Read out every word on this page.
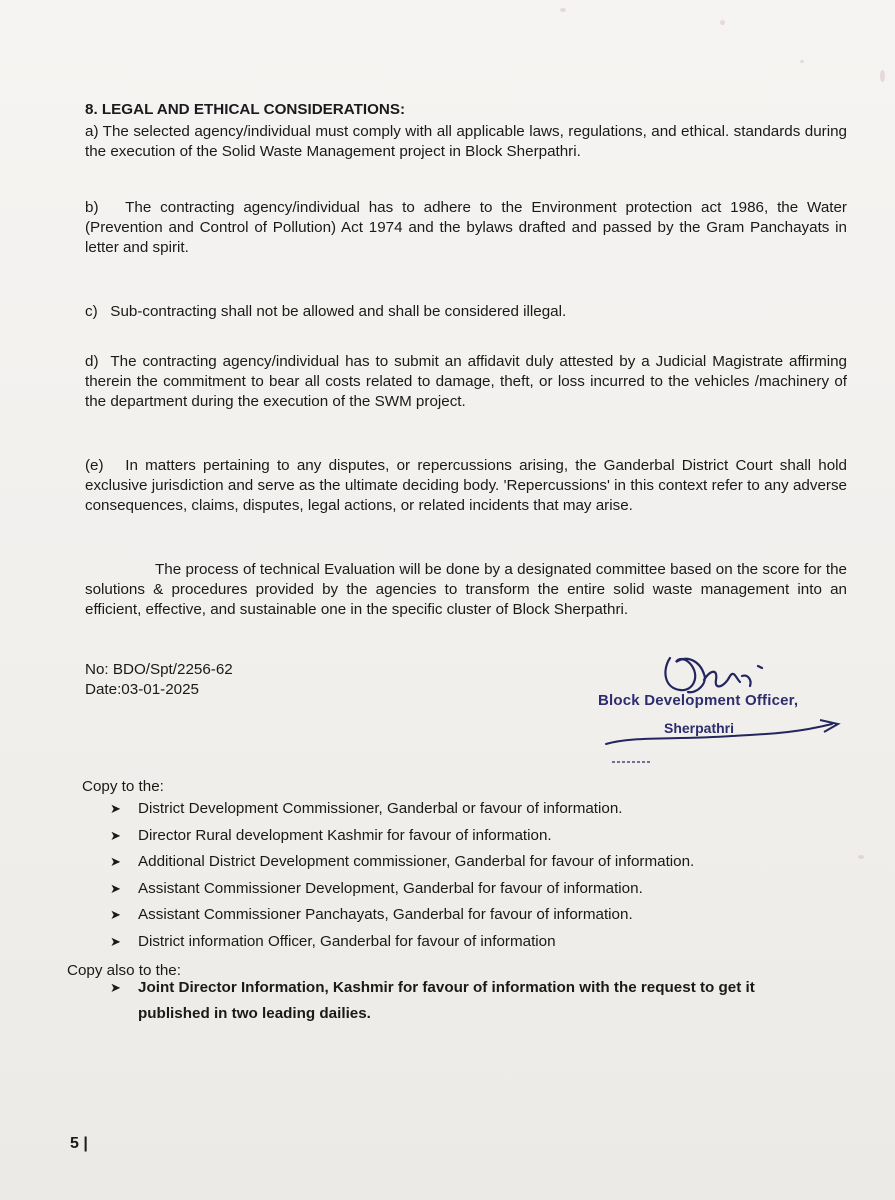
8. LEGAL AND ETHICAL CONSIDERATIONS:
a) The selected agency/individual must comply with all applicable laws, regulations, and ethical. standards during the execution of the Solid Waste Management project in Block Sherpathri.
b)   The contracting agency/individual has to adhere to the Environment protection act 1986, the Water (Prevention and Control of Pollution) Act 1974 and the bylaws drafted and passed by the Gram Panchayats in letter and spirit.
c)   Sub-contracting shall not be allowed and shall be considered illegal.
d)  The contracting agency/individual has to submit an affidavit duly attested by a Judicial Magistrate affirming therein the commitment to bear all costs related to damage, theft, or loss incurred to the vehicles /machinery of the department during the execution of the SWM project.
(e)   In matters pertaining to any disputes, or repercussions arising, the Ganderbal District Court shall hold exclusive jurisdiction and serve as the ultimate deciding body. 'Repercussions' in this context refer to any adverse consequences, claims, disputes, legal actions, or related incidents that may arise.
The process of technical Evaluation will be done by a designated committee based on the score for the solutions & procedures provided by the agencies to transform the entire solid waste management into an efficient, effective, and sustainable one in the specific cluster of Block Sherpathri.
No: BDO/Spt/2256-62
Date:03-01-2025
Block Development Officer,
Sherpathri
Copy to the:
➤ District Development Commissioner, Ganderbal or favour of information.
➤ Director Rural development Kashmir for favour of information.
➤ Additional District Development commissioner, Ganderbal for favour of information.
➤ Assistant Commissioner Development, Ganderbal for favour of information.
➤ Assistant Commissioner Panchayats, Ganderbal for favour of information.
➤ District information Officer, Ganderbal for favour of information
Copy also to the:
➤	Joint Director Information, Kashmir for favour of information with the request to get it published in two leading dailies.
5 |
